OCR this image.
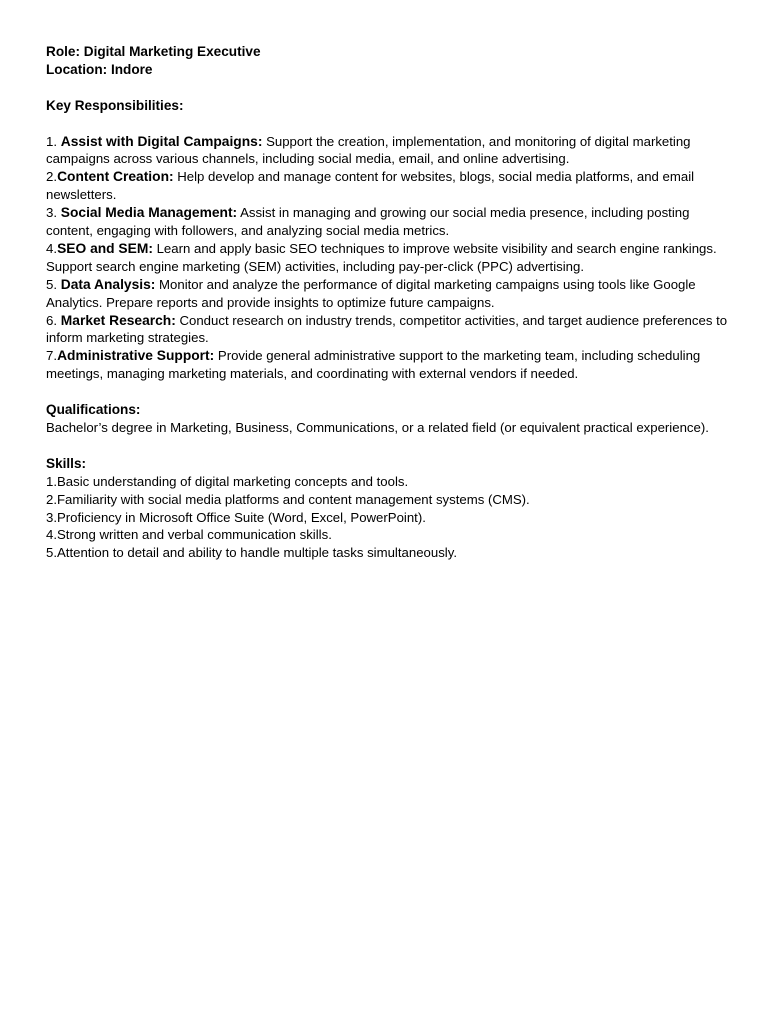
Role: Digital Marketing Executive
Location: Indore
Key Responsibilities:
1. Assist with Digital Campaigns: Support the creation, implementation, and monitoring of digital marketing campaigns across various channels, including social media, email, and online advertising.
2.Content Creation: Help develop and manage content for websites, blogs, social media platforms, and email newsletters.
3. Social Media Management: Assist in managing and growing our social media presence, including posting content, engaging with followers, and analyzing social media metrics.
4.SEO and SEM: Learn and apply basic SEO techniques to improve website visibility and search engine rankings. Support search engine marketing (SEM) activities, including pay-per-click (PPC) advertising.
5. Data Analysis: Monitor and analyze the performance of digital marketing campaigns using tools like Google Analytics. Prepare reports and provide insights to optimize future campaigns.
6. Market Research: Conduct research on industry trends, competitor activities, and target audience preferences to inform marketing strategies.
7.Administrative Support: Provide general administrative support to the marketing team, including scheduling meetings, managing marketing materials, and coordinating with external vendors if needed.
Qualifications:
Bachelor’s degree in Marketing, Business, Communications, or a related field (or equivalent practical experience).
Skills:
1.Basic understanding of digital marketing concepts and tools.
2.Familiarity with social media platforms and content management systems (CMS).
3.Proficiency in Microsoft Office Suite (Word, Excel, PowerPoint).
4.Strong written and verbal communication skills.
5.Attention to detail and ability to handle multiple tasks simultaneously.
